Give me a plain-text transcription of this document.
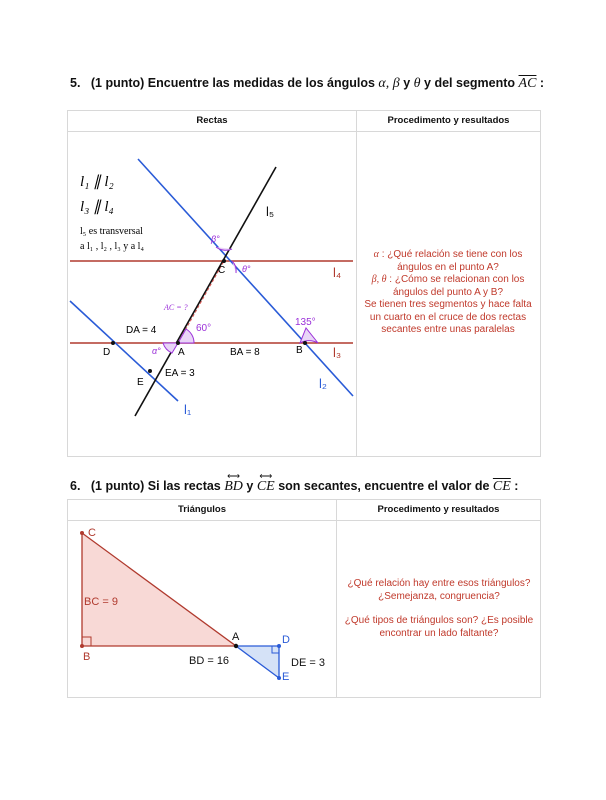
5. (1 punto) Encuentre las medidas de los ángulos α, β y θ y del segmento $\overline{AC}$ :
Rectas	Procedimento y resultados
l₁ ∥ l₂
l₃ ∥ l₄
l₅ es transversal
a l₁ , l₂ , l₃ y a l₄
l₅
l₄
l₃
l₂
l₁
β°
θ°
α°
AC = ?
60°
135°
DA = 4
BA = 8
EA = 3
C
D	A	B
E
α : ¿Qué relación se tiene con los
ángulos en el punto A?
β, θ : ¿Cómo se relacionan con los
ángulos del punto A y B?
Se tienen tres segmentos y hace falta
un cuarto en el cruce de dos rectas
secantes entre unas paralelas
6. (1 punto) Si las rectas
⟷
BD y
⟷
CE son secantes, encuentre el valor de $\overline{CE}$ :
Triángulos	Procedimento y resultados
C
B
A	D
E
BC = 9
BD = 16	DE = 3
¿Qué relación hay entre esos triángulos?
¿Semejanza, congruencia?
¿Qué tipos de triángulos son? ¿Es posible
encontrar un lado faltante?
